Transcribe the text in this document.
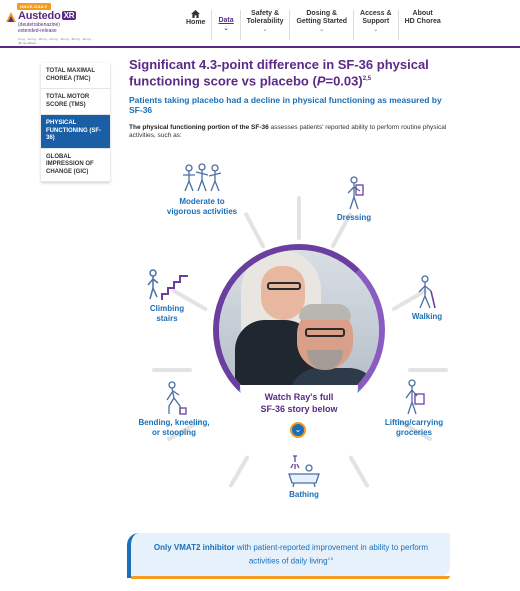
ONCE-DAILY
Austedo XR
(deutetrabenazine)
extended-release
6 mg · 12 mg · 18 mg · 24 mg · 30 mg · 36 mg · 42 mg · 48 mg tablets
Home Data
⌄
Safety &
Tolerability
⌄
Dosing &
Getting Started
⌄
Access &
Support
⌄
About
HD Chorea
TOTAL MAXIMAL CHOREA (TMC)
TOTAL MOTOR SCORE (TMS)
PHYSICAL FUNCTIONING (SF-36)
GLOBAL IMPRESSION OF CHANGE (GIC)
Significant 4.3-point difference in SF-36 physical functioning score vs placebo (P=0.03)$^{2,5}$
Patients taking placebo had a decline in physical functioning as measured by SF-36
The physical functioning portion of the SF-36 assesses patients' reported ability to perform routine physical activities, such as:
Watch Ray's full
SF-36 story below
⌄
Moderate to
vigorous activities
Dressing
Climbing
stairs	Walking
Bending, kneeling,
or stooping
Lifting/carrying
groceries
Bathing
Only VMAT2 inhibitor with patient-reported improvement in ability to perform activities of daily living$^{2,5}$
